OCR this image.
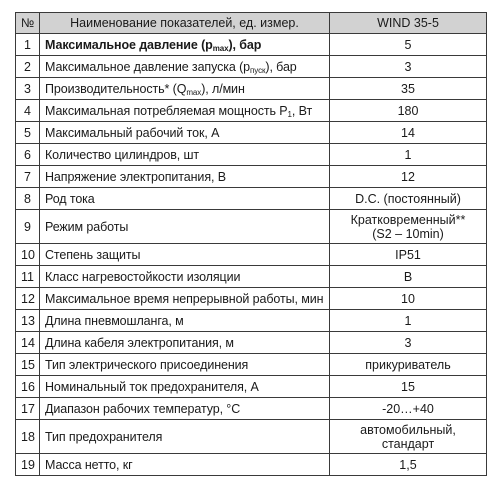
№	Наименование показателей, ед. измер.	WIND 35-5
1	Максимальное давление $(p_{max})$, бар	5
2	Максимальное давление запуска $(p_{пуск})$, бар	3
3	Производительность* $(Q_{max})$, л/мин	35
4	Максимальная потребляемая мощность $P_1$, Вт	180
5	Максимальный рабочий ток, А	14
6	Количество цилиндров, шт	1
7	Напряжение электропитания, В	12
8	Род тока	D.C. (постоянный)
9	Режим работы	Кратковременный**
(S2 – 10min)
10	Степень защиты	IP51
11	Класс нагревостойкости изоляции	B
12	Максимальное время непрерывной работы, мин	10
13	Длина пневмошланга, м	1
14	Длина кабеля электропитания, м	3
15	Тип электрического присоединения	прикуриватель
16	Номинальный ток предохранителя, А	15
17	Диапазон рабочих температур, °С	-20…+40
18	Тип предохранителя	автомобильный,
стандарт
19	Масса нетто, кг	1,5
